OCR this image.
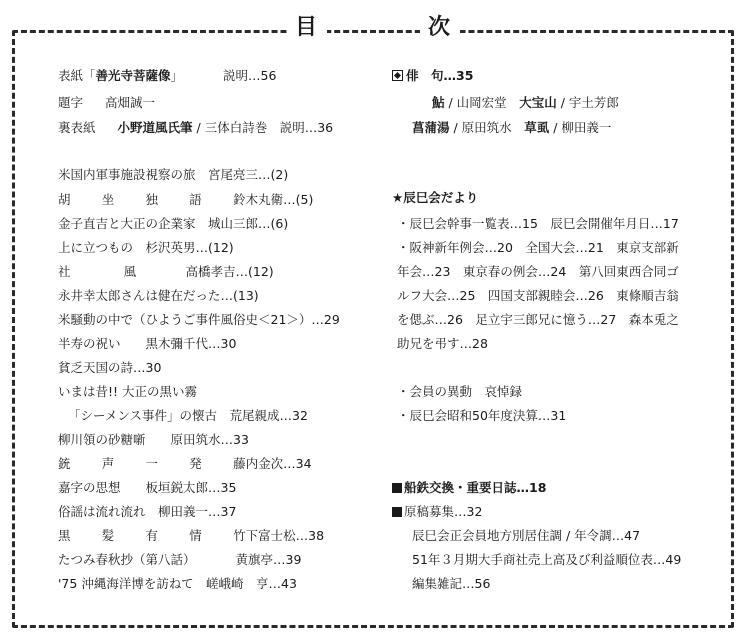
目	次
表紙「善光寺菩薩像」	説明…56
題字 高畑誠一
裏表紙 小野道風氏筆 / 三体白詩巻　説明…36
米国内軍事施設視察の旅　宮尾亮三…(2)
胡　坐　独　語 鈴木丸衛…(5)
金子直吉と大正の企業家　城山三郎…(6)
上に立つもの　杉沢英男…(12)
社　　風	高橋孝吉…(12)
永井幸太郎さんは健在だった…(13)
米騒動の中で（ひようご事件風俗史＜21＞）…29
半寿の祝い　　黒木彌千代…30
貧乏天国の詩…30
いまは昔!! 大正の黒い霧
「シーメンス事件」の懐古　荒尾親成…32
柳川領の砂糖噺　　原田筑水…33
銃　声　一　発 藤内金次…34
嘉字の思想　　板垣鋭太郎…35
俗謡は流れ流れ　柳田義一…37
黒　髪　有　情 竹下富士松…38
たつみ春秋抄（第八話）	黄旗亭…39
'75 沖縄海洋博を訪ねて　嵯峨崎　亨…43
俳　句…35
鮎 / 山岡宏堂　 大宝山 / 宇土芳郎
菖蒲湯 / 原田筑水　 草虱 / 柳田義一
★辰巳会だより
・辰巳会幹事一覧表…15　辰巳会開催年月日…17
・阪神新年例会…20　全国大会…21　東京支部新
年会…23　東京春の例会…24　第八回東西合同ゴ
ルフ大会…25　四国支部親睦会…26　東條順吉翁
を偲ぶ…26　足立宇三郎兄に憶う…27　森本兎之
助兄を弔す…28
・会員の異動　哀悼録
・辰巳会昭和50年度決算…31
船鉄交換・重要日誌…18
原稿募集…32
辰巳会正会員地方別居住調 / 年令調…47
51年３月期大手商社売上高及び利益順位表…49
編集雑記…56
